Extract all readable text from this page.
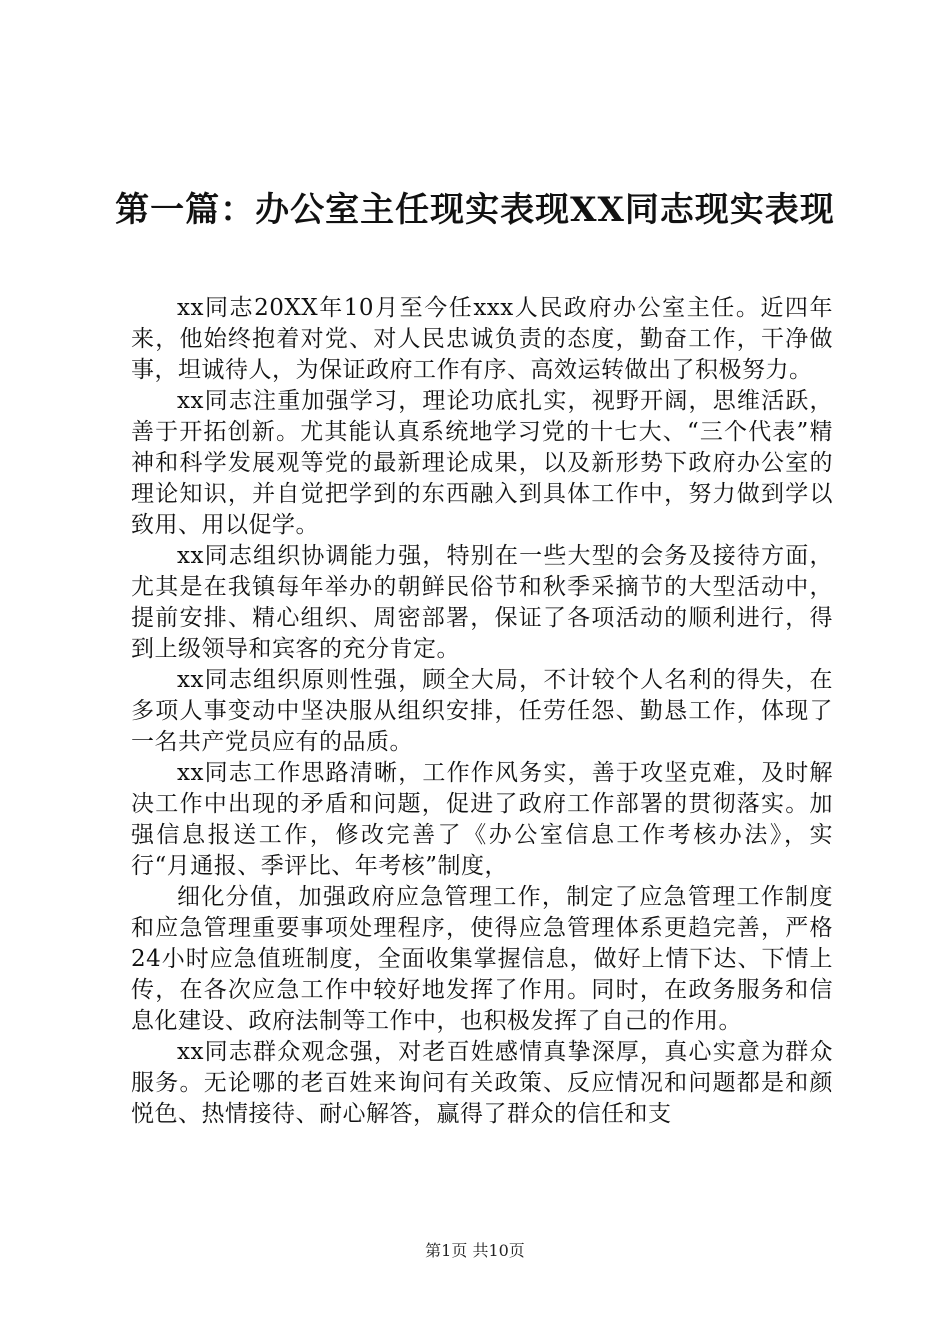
第一篇：办公室主任现实表现XX同志现实表现

xx同志20XX年10月至今任xxx人民政府办公室主任。近四年来，他始终抱着对党、对人民忠诚负责的态度，勤奋工作，干净做事，坦诚待人，为保证政府工作有序、高效运转做出了积极努力。

xx同志注重加强学习，理论功底扎实，视野开阔，思维活跃，善于开拓创新。尤其能认真系统地学习党的十七大、“三个代表”精神和科学发展观等党的最新理论成果，以及新形势下政府办公室的理论知识，并自觉把学到的东西融入到具体工作中，努力做到学以致用、用以促学。

xx同志组织协调能力强，特别在一些大型的会务及接待方面，尤其是在我镇每年举办的朝鲜民俗节和秋季采摘节的大型活动中，提前安排、精心组织、周密部署，保证了各项活动的顺利进行，得到上级领导和宾客的充分肯定。

xx同志组织原则性强，顾全大局，不计较个人名利的得失，在多项人事变动中坚决服从组织安排，任劳任怨、勤恳工作，体现了一名共产党员应有的品质。

xx同志工作思路清晰，工作作风务实，善于攻坚克难，及时解决工作中出现的矛盾和问题，促进了政府工作部署的贯彻落实。加强信息报送工作，修改完善了《办公室信息工作考核办法》，实行“月通报、季评比、年考核”制度，

细化分值，加强政府应急管理工作，制定了应急管理工作制度和应急管理重要事项处理程序，使得应急管理体系更趋完善，严格24小时应急值班制度，全面收集掌握信息，做好上情下达、下情上传，在各次应急工作中较好地发挥了作用。同时，在政务服务和信息化建设、政府法制等工作中，也积极发挥了自己的作用。

xx同志群众观念强，对老百姓感情真挚深厚，真心实意为群众服务。无论哪的老百姓来询问有关政策、反应情况和问题都是和颜悦色、热情接待、耐心解答，赢得了群众的信任和支

第1页 共10页
